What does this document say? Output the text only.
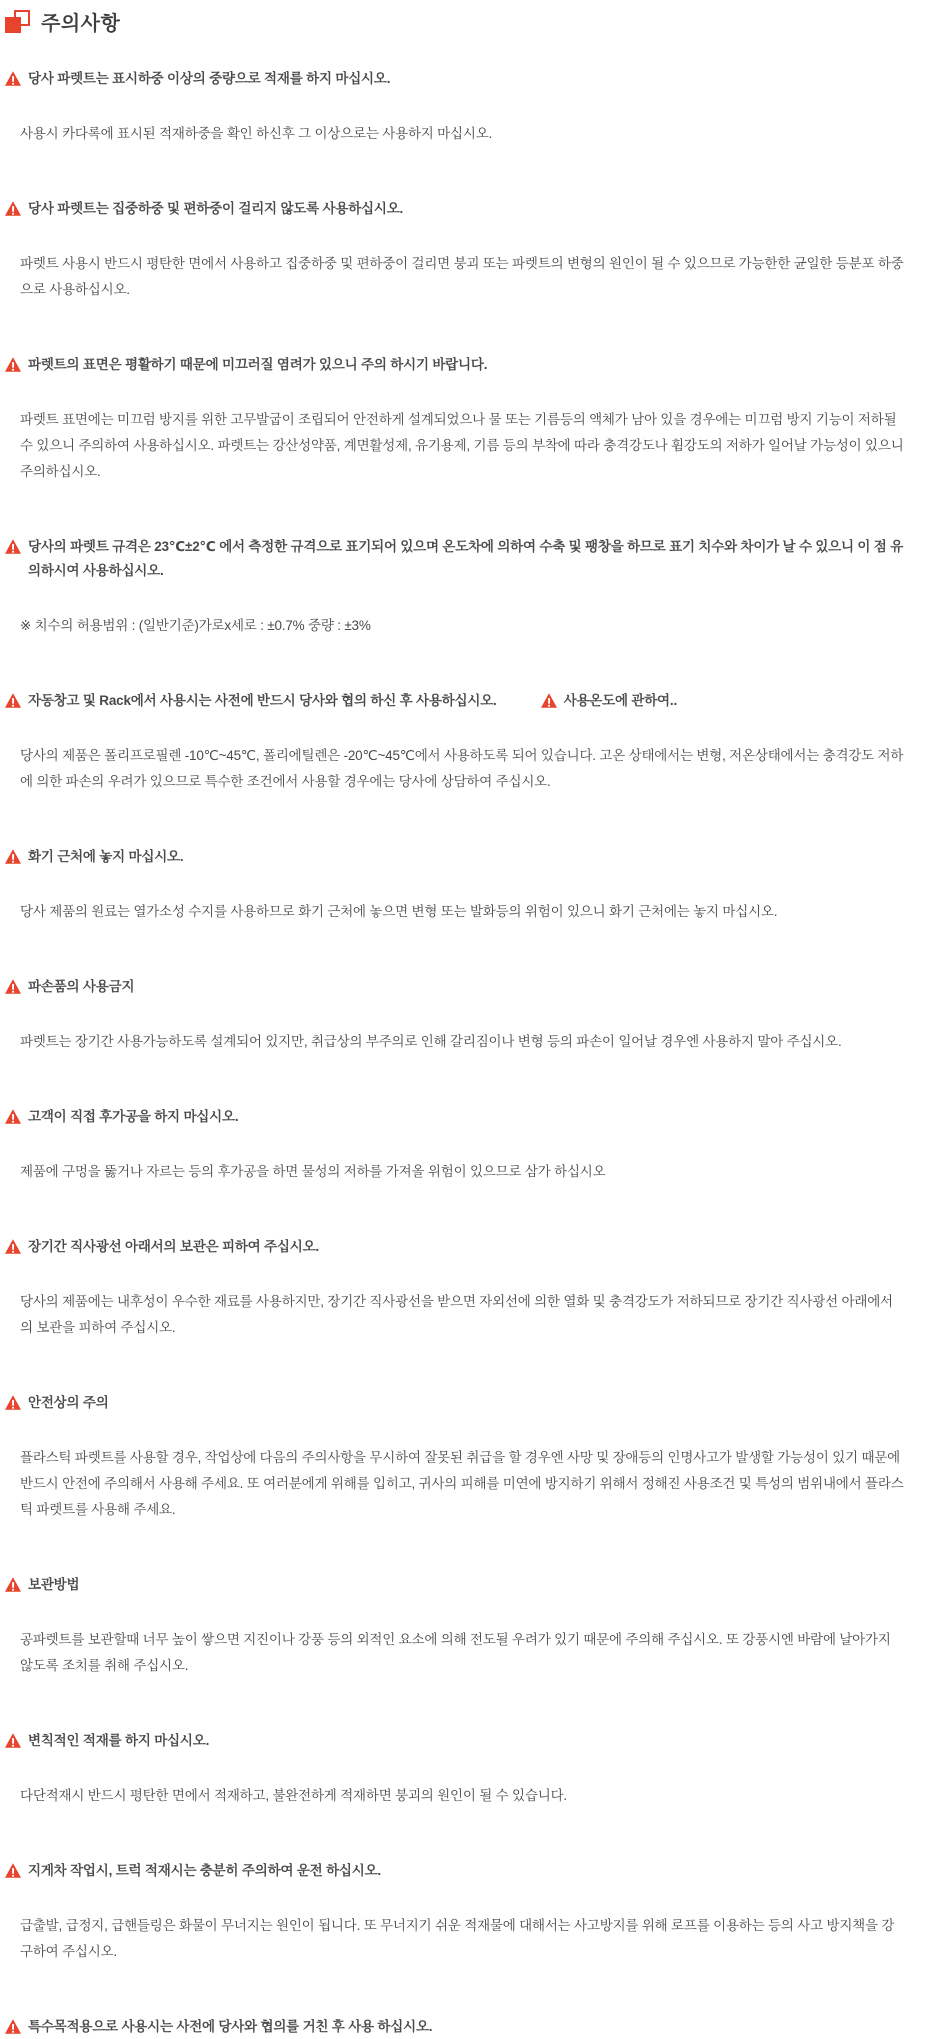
주의사항
당사 파렛트는 표시하중 이상의 중량으로 적재를 하지 마십시오.

사용시 카다록에 표시된 적재하중을 확인 하신후 그 이상으로는 사용하지 마십시오.

당사 파렛트는 집중하중 및 편하중이 걸리지 않도록 사용하십시오.

파렛트 사용시 반드시 평탄한 면에서 사용하고 집중하중 및 편하중이 걸리면 붕괴 또는 파렛트의 변형의 원인이 될 수 있으므로 가능한한 균일한 등분포 하중으로 사용하십시오.

파렛트의 표면은 평활하기 때문에 미끄러질 염려가 있으니 주의 하시기 바랍니다.

파렛트 표면에는 미끄럼 방지를 위한 고무발굽이 조립되어 안전하게 설계되었으나 물 또는 기름등의 액체가 남아 있을 경우에는 미끄럼 방지 기능이 저하될 수 있으니 주의하여 사용하십시오. 파렛트는 강산성약품, 계면활성제, 유기용제, 기름 등의 부착에 따라 충격강도나 휨강도의 저하가 일어날 가능성이 있으니 주의하십시오.

당사의 파렛트 규격은 23℃±2℃ 에서 측정한 규격으로 표기되어 있으며 온도차에 의하여 수축 및 팽창을 하므로 표기 치수와 차이가 날 수 있으니 이 점 유의하시여 사용하십시오.

※ 치수의 허용범위 : (일반기준)가로x세로 : ±0.7% 중량 : ±3%

자동창고 및 Rack에서 사용시는 사전에 반드시 당사와 협의 하신 후 사용하십시오.	사용온도에 관하여..

당사의 제품은 폴리프로필렌 -10℃~45℃, 폴리에틸렌은 -20℃~45℃에서 사용하도록 되어 있습니다. 고온 상태에서는 변형, 저온상태에서는 충격강도 저하에 의한 파손의 우려가 있으므로 특수한 조건에서 사용할 경우에는 당사에 상담하여 주십시오.

화기 근처에 놓지 마십시오.

당사 제품의 원료는 열가소성 수지를 사용하므로 화기 근처에 놓으면 변형 또는 발화등의 위험이 있으니 화기 근처에는 놓지 마십시오.

파손품의 사용금지

파렛트는 장기간 사용가능하도록 설계되어 있지만, 취급상의 부주의로 인해 갈리짐이나 변형 등의 파손이 일어날 경우엔 사용하지 말아 주십시오.

고객이 직접 후가공을 하지 마십시오.

제품에 구멍을 뚫거나 자르는 등의 후가공을 하면 물성의 저하를 가져올 위험이 있으므로 삼가 하십시오

장기간 직사광선 아래서의 보관은 피하여 주십시오.

당사의 제품에는 내후성이 우수한 재료를 사용하지만, 장기간 직사광선을 받으면 자외선에 의한 열화 및 충격강도가 저하되므로 장기간 직사광선 아래에서의 보관을 피하여 주십시오.

안전상의 주의

플라스틱 파렛트를 사용할 경우, 작업상에 다음의 주의사항을 무시하여 잘못된 취급을 할 경우엔 사망 및 장애등의 인명사고가 발생할 가능성이 있기 때문에 반드시 안전에 주의해서 사용해 주세요. 또 여러분에게 위해를 입히고, 귀사의 피해를 미연에 방지하기 위해서 정해진 사용조건 및 특성의 범위내에서 플라스틱 파렛트를 사용해 주세요.

보관방법

공파렛트를 보관할때 너무 높이 쌓으면 지진이나 강풍 등의 외적인 요소에 의해 전도될 우려가 있기 때문에 주의해 주십시오. 또 강풍시엔 바람에 날아가지 않도록 조치를 취해 주십시오.

변칙적인 적재를 하지 마십시오.

다단적재시 반드시 평탄한 면에서 적재하고, 불완전하게 적재하면 붕괴의 원인이 될 수 있습니다.

지게차 작업시, 트럭 적재시는 충분히 주의하여 운전 하십시오.

급출발, 급정지, 급핸들링은 화물이 무너지는 원인이 됩니다. 또 무너지기 쉬운 적재물에 대해서는 사고방지를 위해 로프를 이용하는 등의 사고 방지책을 강구하여 주십시오.

특수목적용으로 사용시는 사전에 당사와 협의를 거친 후 사용 하십시오.
